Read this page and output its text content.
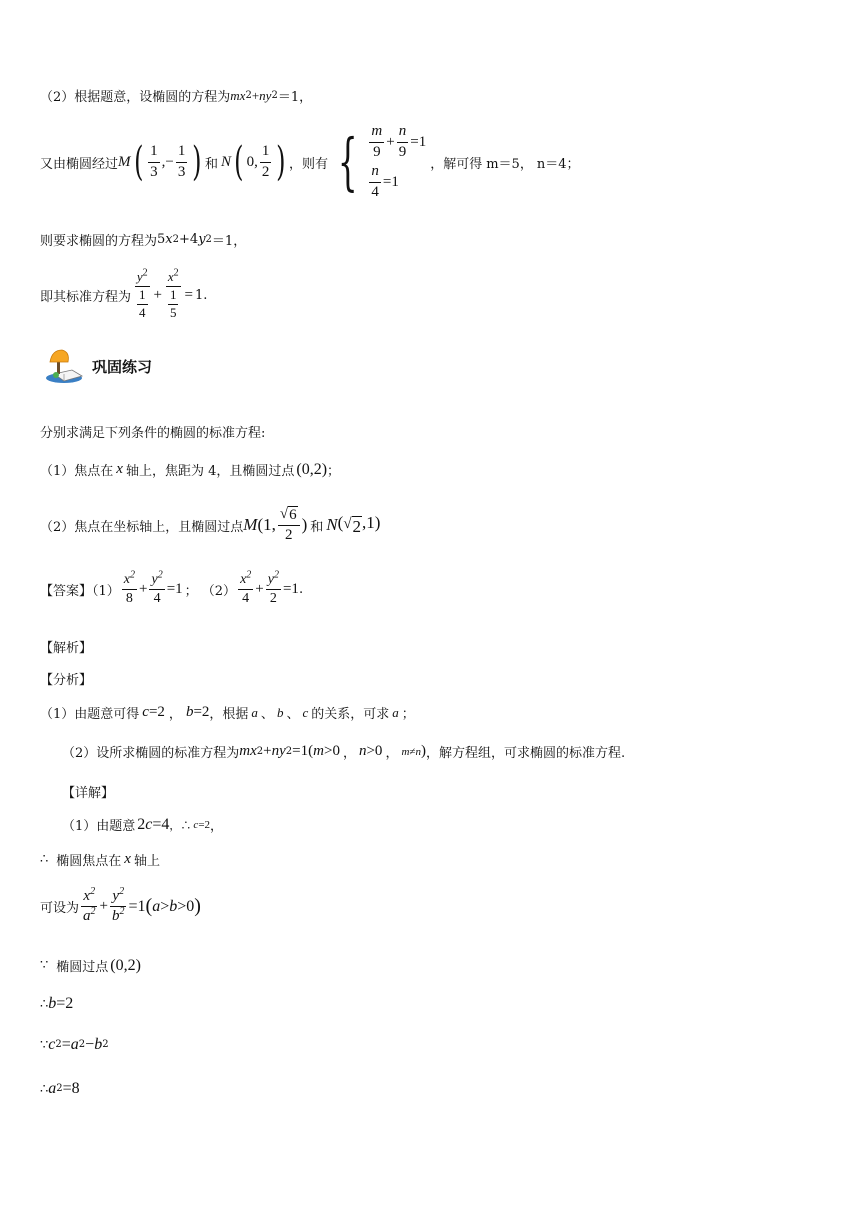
（2）根据题意，设椭圆的方程为 mx 2 + ny 2 ＝1，
又由椭圆经过 M ( $\frac{1}{3}$ ,− $\frac{1}{3}$ ) 和 N ( 0, $\frac{1}{2}$ ) ，则有 { $\frac{m}{9} + \frac{n}{9} =1$
$\frac{n}{4} =1$
，解可得 m＝5， n＝4；
则要求椭圆的方程为 5x 2 +4y 2 ＝1，
即其标准方程为 $\frac{y^2}{\frac{1}{4}} + \frac{x^2}{\frac{1}{5}} = 1$.
巩固练习
分别求满足下列条件的椭圆的标准方程:
（1）焦点在 x 轴上，焦距为 4，且椭圆过点 (0,2) ；
（2）焦点在坐标轴上，且椭圆过点 M (1, $\frac{√ 6}{2}$ ) 和 N ( √ 2 ,1)
【答案】$(1) \frac{x^2}{8} + \frac{y^2}{4} =1$ ； $(2) \frac{x^2}{4} + \frac{y^2}{2} =1$ .
【解析】
【分析】
（1）由题意可得 c =2 ， b =2 ，根据 a 、 b 、 c 的关系，可求 a ；
（2）设所求椭圆的标准方程为 mx 2 + ny 2 =1( m >0 ， n >0 ， m ≠ n ) ，解方程组，可求椭圆的标准方程.
【详解】
（1）由题意 2 c =4 ，∴ c =2 ，
∴ 椭圆焦点在 x 轴上
可设为 $\frac{x^2}{a^2} + \frac{y^2}{b^2} =1$ ( a > b >0 )
∵ 椭圆过点 (0,2)
∴ b =2
∵ c 2 = a 2 − b 2
∴ a 2 =8
